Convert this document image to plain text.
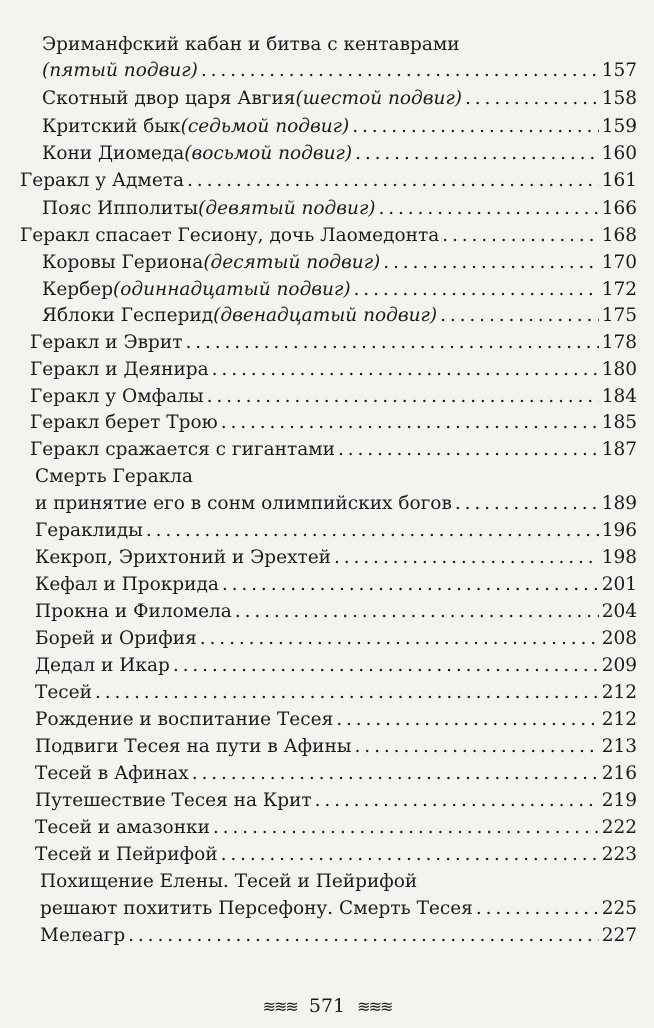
Эриманфский кабан и битва с кентаврами
(пятый подвиг) . . .	157
Скотный двор царя Авгия (шестой подвиг) . . .	158
Критский бык (седьмой подвиг) . . .	159
Кони Диомеда (восьмой подвиг) . . .	160
Геракл у Адмета . . .	161
Пояс Ипполиты (девятый подвиг) . . .	166
Геракл спасает Гесиону, дочь Лаомедонта . . .	168
Коровы Гериона (десятый подвиг) . . .	170
Кербер (одиннадцатый подвиг) . . .	172
Яблоки Гесперид (двенадцатый подвиг) . . .	175
Геракл и Эврит . . .	178
Геракл и Деянира . . .	180
Геракл у Омфалы . . .	184
Геракл берет Трою . . .	185
Геракл сражается с гигантами . . .	187
Смерть Геракла
и принятие его в сонм олимпийских богов . . .	189
Гераклиды . . .	196
Кекроп, Эрихтоний и Эрехтей . . .	198
Кефал и Прокрида . . .	201
Прокна и Филомела . . .	204
Борей и Орифия . . .	208
Дедал и Икар . . .	209
Тесей . . .	212
Рождение и воспитание Тесея . . .	212
Подвиги Тесея на пути в Афины . . .	213
Тесей в Афинах . . .	216
Путешествие Тесея на Крит . . .	219
Тесей и амазонки . . .	222
Тесей и Пейрифой . . .	223
Похищение Елены. Тесей и Пейрифой
решают похитить Персефону. Смерть Тесея . . .	225
Мелеагр . . .	227
≋≋≋ 571 ≋≋≋
